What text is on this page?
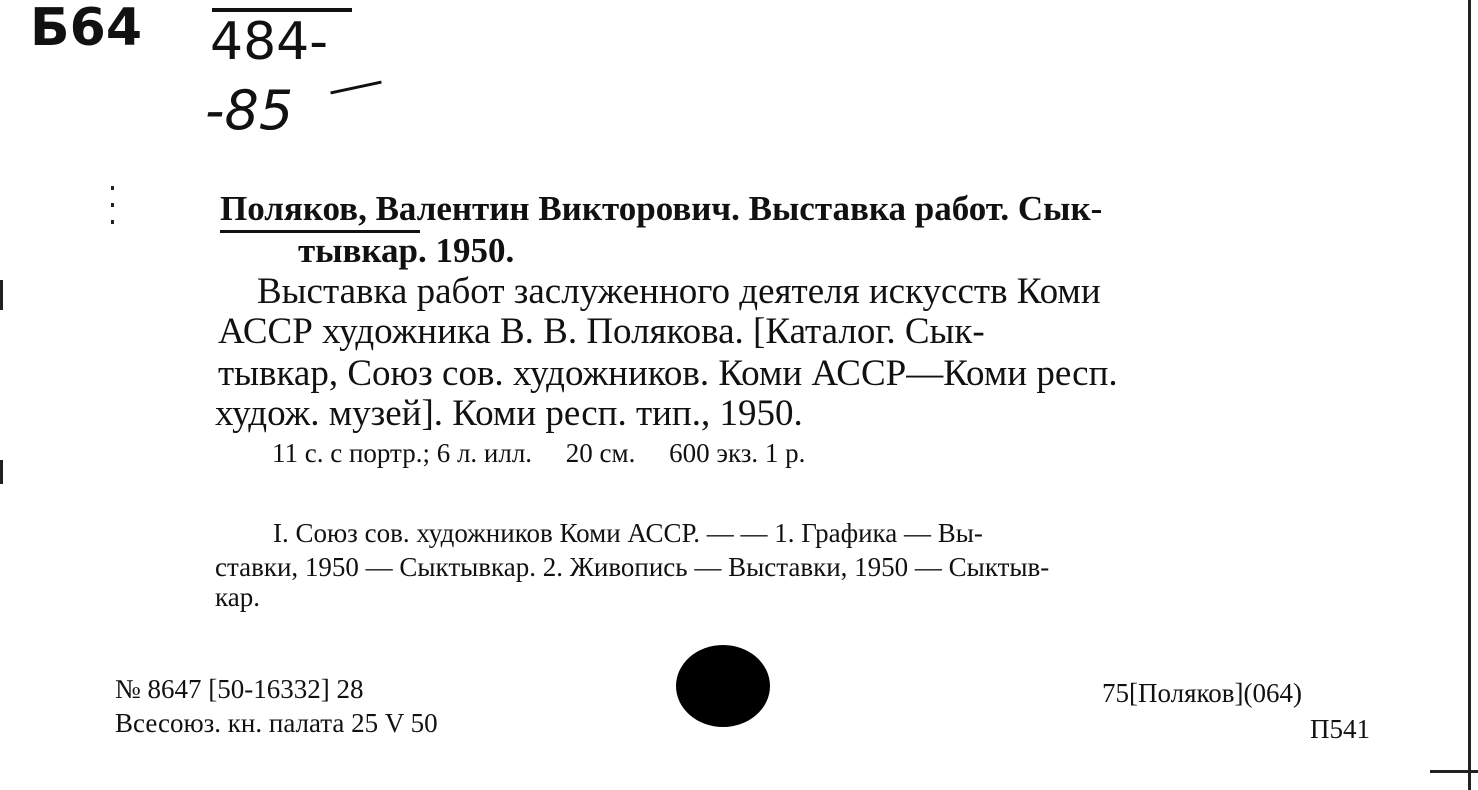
Б64 484-
-85
Поляков, Валентин Викторович. Выставка работ. Сык-
тывкар. 1950.
Выставка работ заслуженного деятеля искусств Коми
АССР художника В. В. Полякова. [Каталог. Сык-
тывкар, Союз сов. художников. Коми АССР—Коми респ.
худож. музей]. Коми респ. тип., 1950.
11 с. с портр.; 6 л. илл.     20 см.     600 экз. 1 р.
I. Союз сов. художников Коми АССР. — — 1. Графика — Вы-
ставки, 1950 — Сыктывкар. 2. Живопись — Выставки, 1950 — Сыктыв-
кар.
№ 8647 [50-16332] 28
Всесоюз. кн. палата 25 V 50
75[Поляков](064)
П541
